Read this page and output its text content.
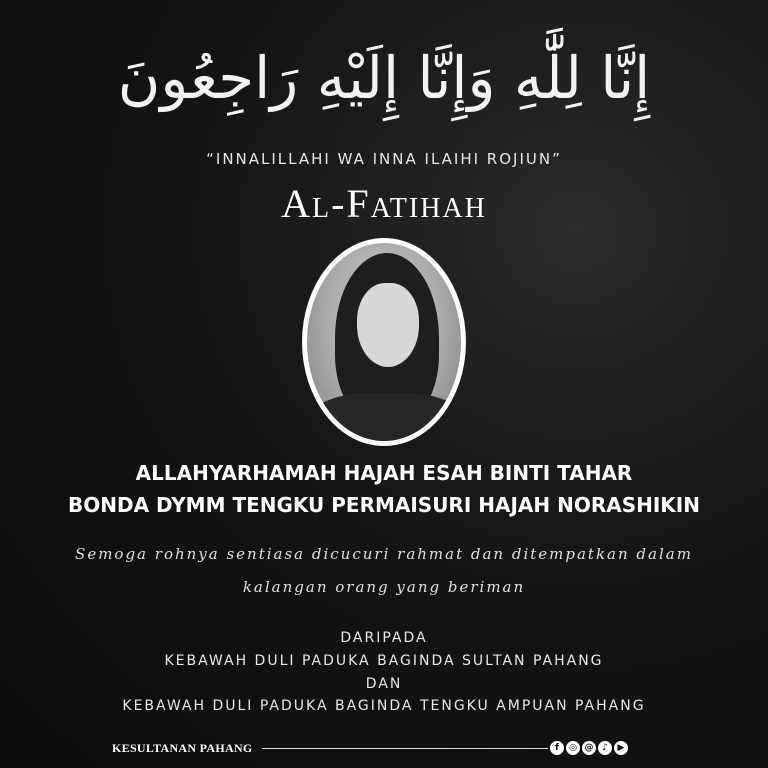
إِنَّا لِلَّٰهِ وَإِنَّا إِلَيْهِ رَاجِعُونَ
“INNALILLAHI WA INNA ILAIHI ROJIUN”
Al-Fatihah
ALLAHYARHAMAH HAJAH ESAH BINTI TAHAR
BONDA DYMM TENGKU PERMAISURI HAJAH NORASHIKIN
Semoga rohnya sentiasa dicucuri rahmat dan ditempatkan dalam
kalangan orang yang beriman
DARIPADA
KEBAWAH DULI PADUKA BAGINDA SULTAN PAHANG
DAN
KEBAWAH DULI PADUKA BAGINDA TENGKU AMPUAN PAHANG
KESULTANAN PAHANG	f	◎ @ ♪	▶
